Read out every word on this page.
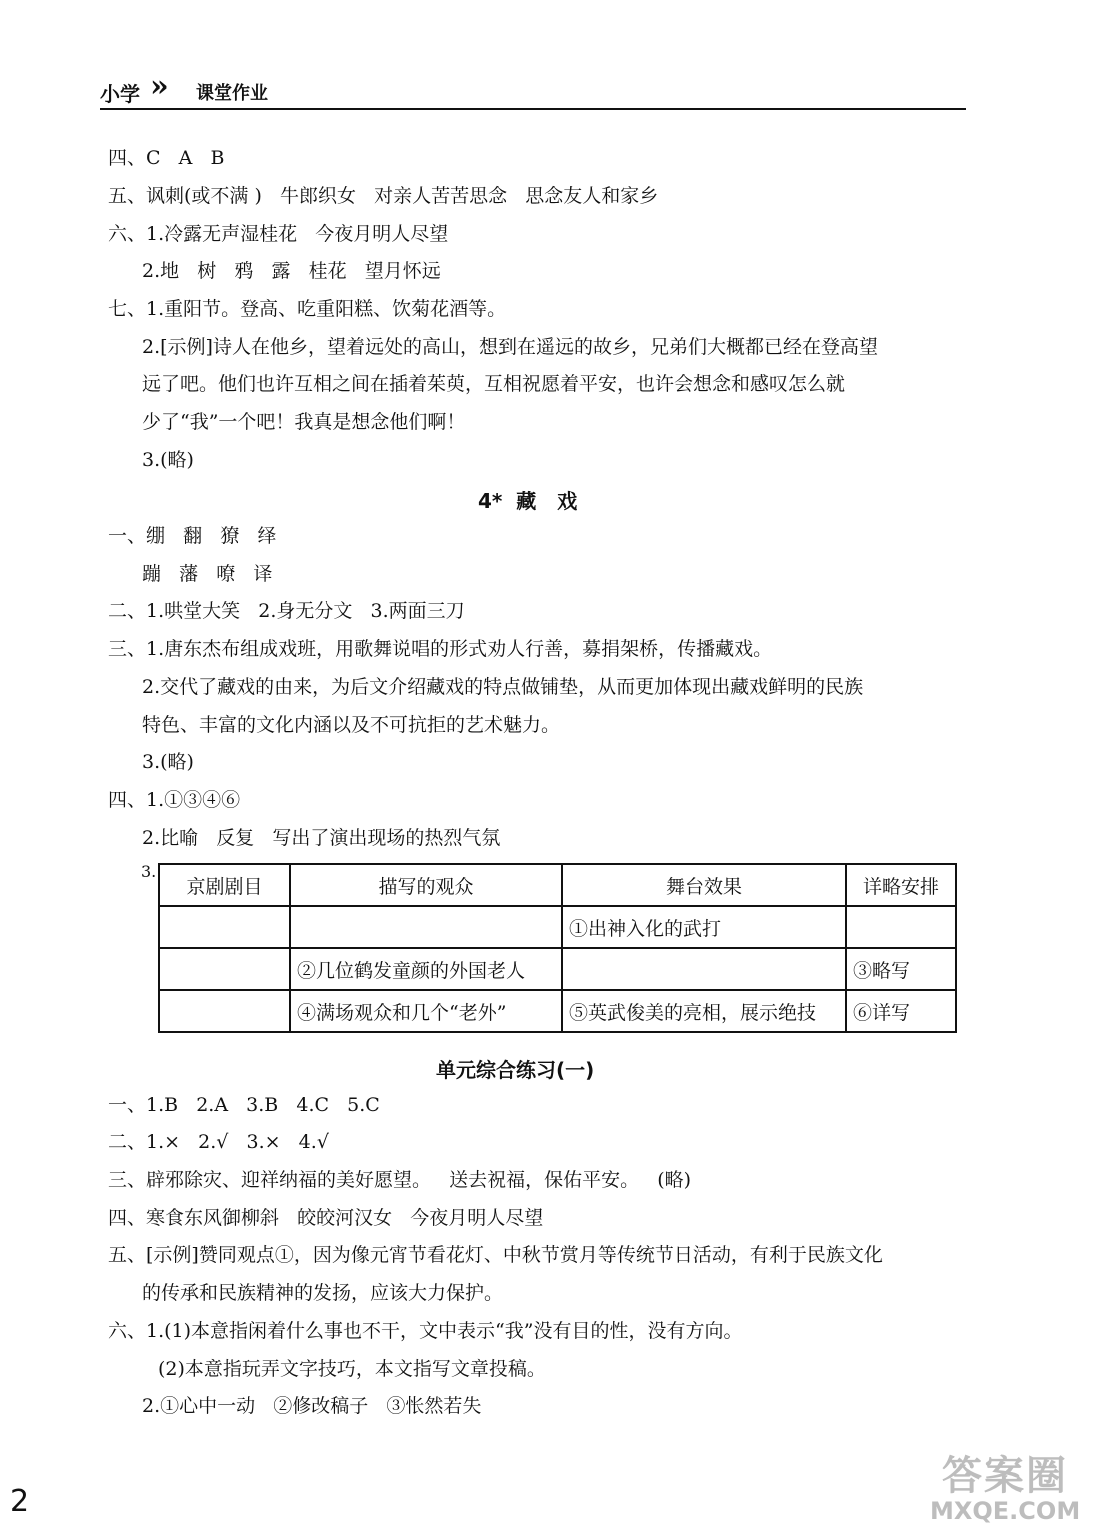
小学 » 课堂作业
四、C   A   B
五、讽刺(或不满 )   牛郎织女   对亲人苦苦思念   思念友人和家乡
六、1.冷露无声湿桂花   今夜月明人尽望
2.地   树   鸦   露   桂花   望月怀远
七、1.重阳节。登高、吃重阳糕、饮菊花酒等。
2.[示例]诗人在他乡，望着远处的高山，想到在遥远的故乡，兄弟们大概都已经在登高望
远了吧。他们也许互相之间在插着茱萸，互相祝愿着平安，也许会想念和感叹怎么就
少了“我”一个吧！我真是想念他们啊！
3.(略)
4*  藏   戏
一、绷   翻   獠   绎
蹦   藩   嘹   译
二、1.哄堂大笑   2.身无分文   3.两面三刀
三、1.唐东杰布组成戏班，用歌舞说唱的形式劝人行善，募捐架桥，传播藏戏。
2.交代了藏戏的由来，为后文介绍藏戏的特点做铺垫，从而更加体现出藏戏鲜明的民族
特色、丰富的文化内涵以及不可抗拒的艺术魅力。
3.(略)
四、1.①③④⑥
2.比喻   反复   写出了演出现场的热烈气氛
3.
京剧剧目	描写的观众	舞台效果	详略安排
		①出神入化的武打	
	②几位鹤发童颜的外国老人		③略写
	④满场观众和几个“老外”	⑤英武俊美的亮相，展示绝技	⑥详写
单元综合练习(一)
一、1.B   2.A   3.B   4.C   5.C
二、1.×   2.√   3.×   4.√
三、辟邪除灾、迎祥纳福的美好愿望。   送去祝福，保佑平安。   (略)
四、寒食东风御柳斜   皎皎河汉女   今夜月明人尽望
五、[示例]赞同观点①，因为像元宵节看花灯、中秋节赏月等传统节日活动，有利于民族文化
的传承和民族精神的发扬，应该大力保护。
六、1.(1)本意指闲着什么事也不干，文中表示“我”没有目的性，没有方向。
(2)本意指玩弄文字技巧，本文指写文章投稿。
2.①心中一动   ②修改稿子   ③怅然若失
2
答案圈
MXQE.COM
